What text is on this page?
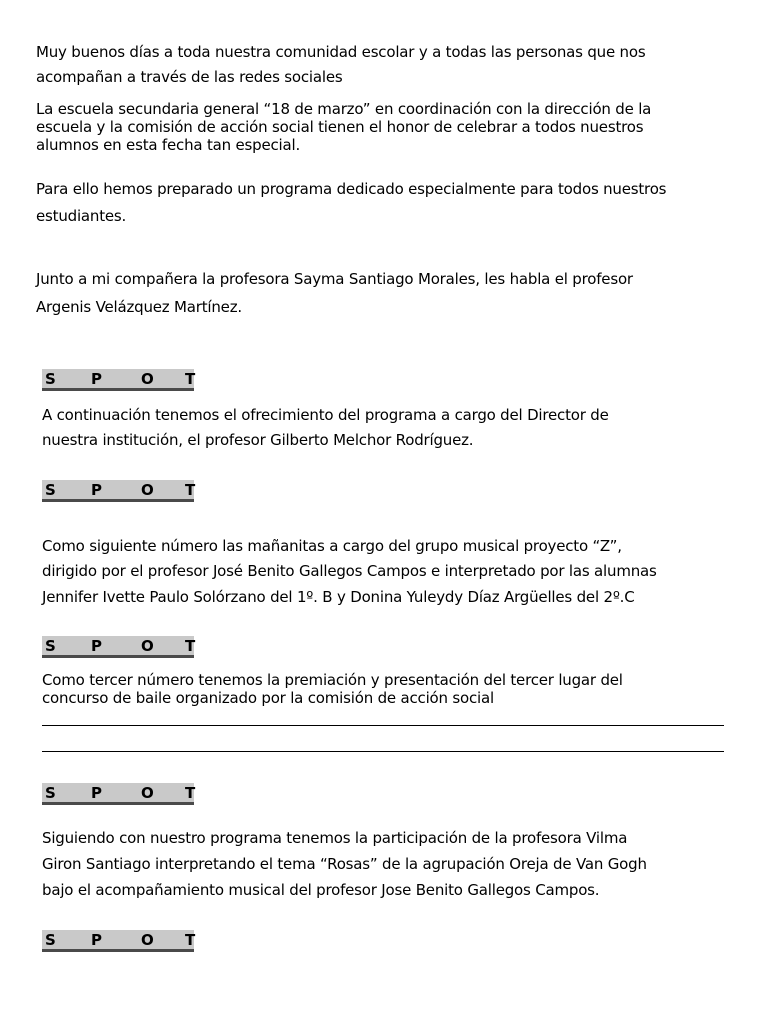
Muy buenos días a toda nuestra comunidad escolar y a todas las personas que nos

acompañan a través de las redes sociales

La escuela secundaria general “18 de marzo” en coordinación con la dirección de la

escuela y la comisión de acción social tienen el honor de celebrar a todos nuestros

alumnos en esta fecha tan especial.

Para ello hemos preparado un programa dedicado especialmente para todos nuestros

estudiantes.

Junto a mi compañera la profesora Sayma Santiago Morales, les habla el profesor

Argenis Velázquez Martínez.

S P	O T

A continuación tenemos el ofrecimiento del programa a cargo del Director de

nuestra institución, el profesor Gilberto Melchor Rodríguez.

S P	O T

Como siguiente número las mañanitas a cargo del grupo musical proyecto “Z”,

dirigido por el profesor José Benito Gallegos Campos e interpretado por las alumnas

Jennifer Ivette Paulo Solórzano del 1º. B y Donina Yuleydy Díaz Argüelles del 2º.C

S P	O T

Como tercer número tenemos la premiación y presentación del tercer lugar del

concurso de baile organizado por la comisión de acción social

S P	O T

Siguiendo con nuestro programa tenemos la participación de la profesora Vilma

Giron Santiago interpretando el tema “Rosas” de la agrupación Oreja de Van Gogh

bajo el acompañamiento musical del profesor Jose Benito Gallegos Campos.

S P	O T
